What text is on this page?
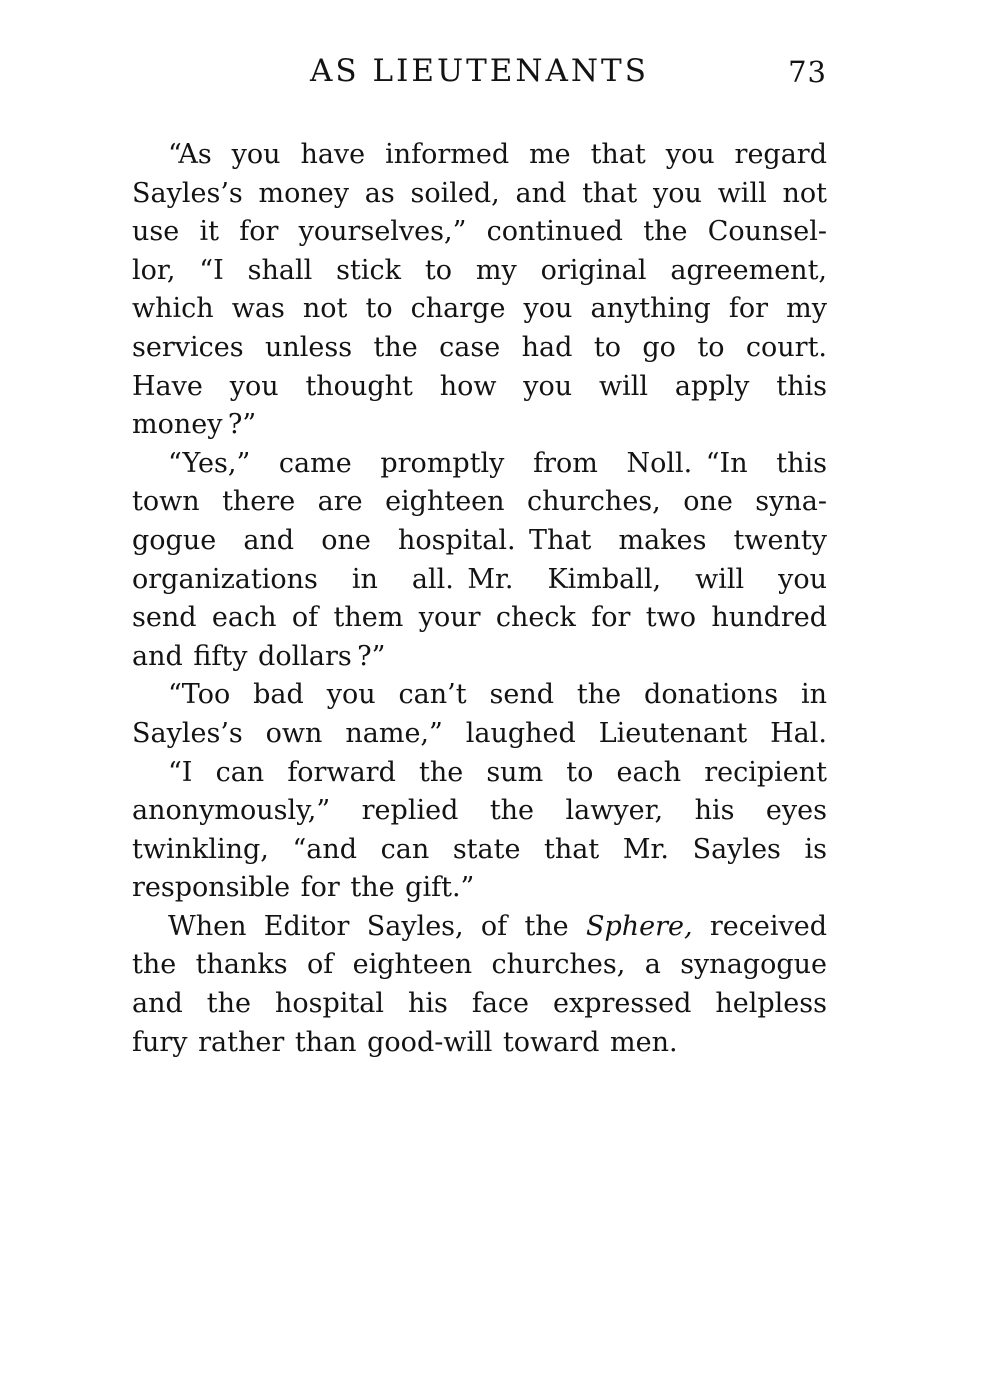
AS LIEUTENANTS	73
“As you have informed me that you regard
Sayles’s money as soiled, and that you will not
use it for yourselves,” continued the Counsel-
lor, “I shall stick to my original agreement,
which was not to charge you anything for my
services unless the case had to go to court.
Have you thought how you will apply this
money ?”
“Yes,” came promptly from Noll. “In this
town there are eighteen churches, one syna-
gogue and one hospital. That makes twenty
organizations in all. Mr. Kimball, will you
send each of them your check for two hundred
and fifty dollars ?”
“Too bad you can’t send the donations in
Sayles’s own name,” laughed Lieutenant Hal.
“I can forward the sum to each recipient
anonymously,” replied the lawyer, his eyes
twinkling, “and can state that Mr. Sayles is
responsible for the gift.”
When Editor Sayles, of the Sphere, received
the thanks of eighteen churches, a synagogue
and the hospital his face expressed helpless
fury rather than good-will toward men.
